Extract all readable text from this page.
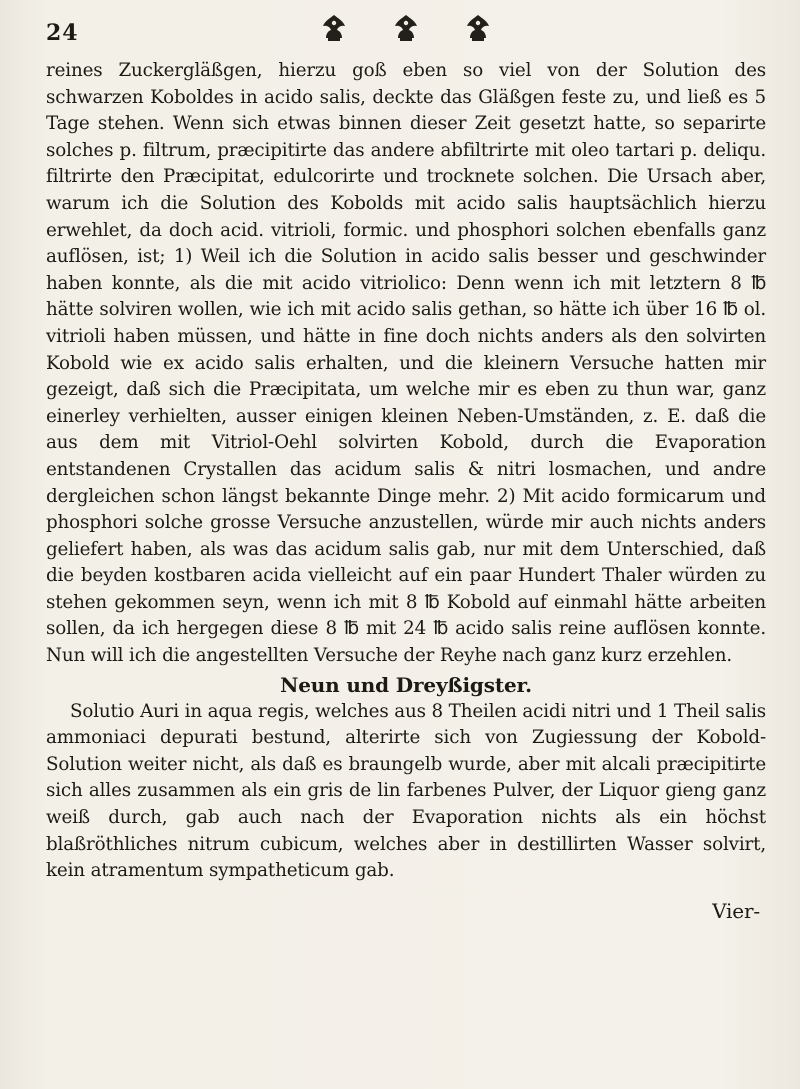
24

reines Zuckergläßgen, hierzu goß eben so viel von der Solution des schwarzen Koboldes in acido salis, deckte das Gläßgen feste zu, und ließ es 5 Tage stehen. Wenn sich etwas binnen dieser Zeit gesetzt hatte, so separirte solches p. filtrum, præcipitirte das andere abfiltrirte mit oleo tartari p. deliqu. filtrirte den Præcipitat, edulcorirte und trocknete solchen. Die Ursach aber, warum ich die Solution des Kobolds mit acido salis hauptsächlich hierzu erwehlet, da doch acid. vitrioli, formic. und phosphori solchen ebenfalls ganz auflösen, ist; 1) Weil ich die Solution in acido salis besser und geschwinder haben konnte, als die mit acido vitriolico: Denn wenn ich mit letztern 8 ℔ hätte solviren wollen, wie ich mit acido salis gethan, so hätte ich über 16 ℔ ol. vitrioli haben müssen, und hätte in fine doch nichts anders als den solvirten Kobold wie ex acido salis erhalten, und die kleinern Versuche hatten mir gezeigt, daß sich die Præcipitata, um welche mir es eben zu thun war, ganz einerley verhielten, ausser einigen kleinen Neben-Umständen, z. E. daß die aus dem mit Vitriol-Oehl solvirten Kobold, durch die Evaporation entstandenen Crystallen das acidum salis & nitri losmachen, und andre dergleichen schon längst bekannte Dinge mehr. 2) Mit acido formicarum und phosphori solche grosse Versuche anzustellen, würde mir auch nichts anders geliefert haben, als was das acidum salis gab, nur mit dem Unterschied, daß die beyden kostbaren acida vielleicht auf ein paar Hundert Thaler würden zu stehen gekommen seyn, wenn ich mit 8 ℔ Kobold auf einmahl hätte arbeiten sollen, da ich hergegen diese 8 ℔ mit 24 ℔ acido salis reine auflösen konnte. Nun will ich die angestellten Versuche der Reyhe nach ganz kurz erzehlen.

Neun und Dreyßigster.

Solutio Auri in aqua regis, welches aus 8 Theilen acidi nitri und 1 Theil salis ammoniaci depurati bestund, alterirte sich von Zugiessung der Kobold-Solution weiter nicht, als daß es braungelb wurde, aber mit alcali præcipitirte sich alles zusammen als ein gris de lin farbenes Pulver, der Liquor gieng ganz weiß durch, gab auch nach der Evaporation nichts als ein höchst blaßröthliches nitrum cubicum, welches aber in destillirten Wasser solvirt, kein atramentum sympatheticum gab.

Vier-
